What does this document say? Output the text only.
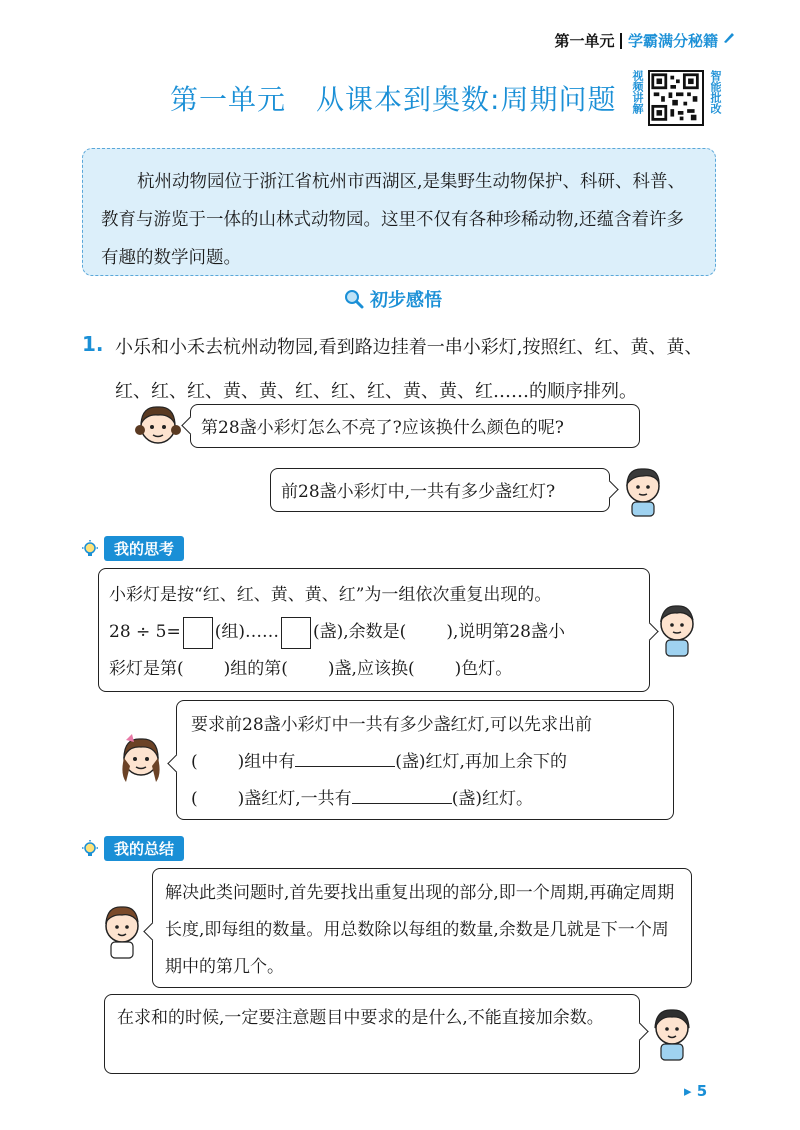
第一单元 学霸满分秘籍
第一单元 从课本到奥数:周期问题 视频讲解	智能批改
杭州动物园位于浙江省杭州市西湖区,是集野生动物保护、科研、科普、教育与游览于一体的山林式动物园。这里不仅有各种珍稀动物,还蕴含着许多有趣的数学问题。
初步感悟
1. 小乐和小禾去杭州动物园,看到路边挂着一串小彩灯,按照红、红、黄、黄、红、红、红、黄、黄、红、红、红、黄、黄、红……的顺序排列。
第28盏小彩灯怎么不亮了?应该换什么颜色的呢?
前28盏小彩灯中,一共有多少盏红灯?
我的思考
小彩灯是按“红、红、黄、黄、红”为一组依次重复出现的。
28 ÷ 5= (组)…… (盏),余数是( ),说明第28盏小
彩灯是第( )组的第( )盏,应该换( )色灯。
要求前28盏小彩灯中一共有多少盏红灯,可以先求出前
( )组中有	(盏)红灯,再加上余下的
( )盏红灯,一共有	(盏)红灯。
我的总结
解决此类问题时,首先要找出重复出现的部分,即一个周期,再确定周期长度,即每组的数量。用总数除以每组的数量,余数是几就是下一个周期中的第几个。
在求和的时候,一定要注意题目中要求的是什么,不能直接加余数。
▸ 5
